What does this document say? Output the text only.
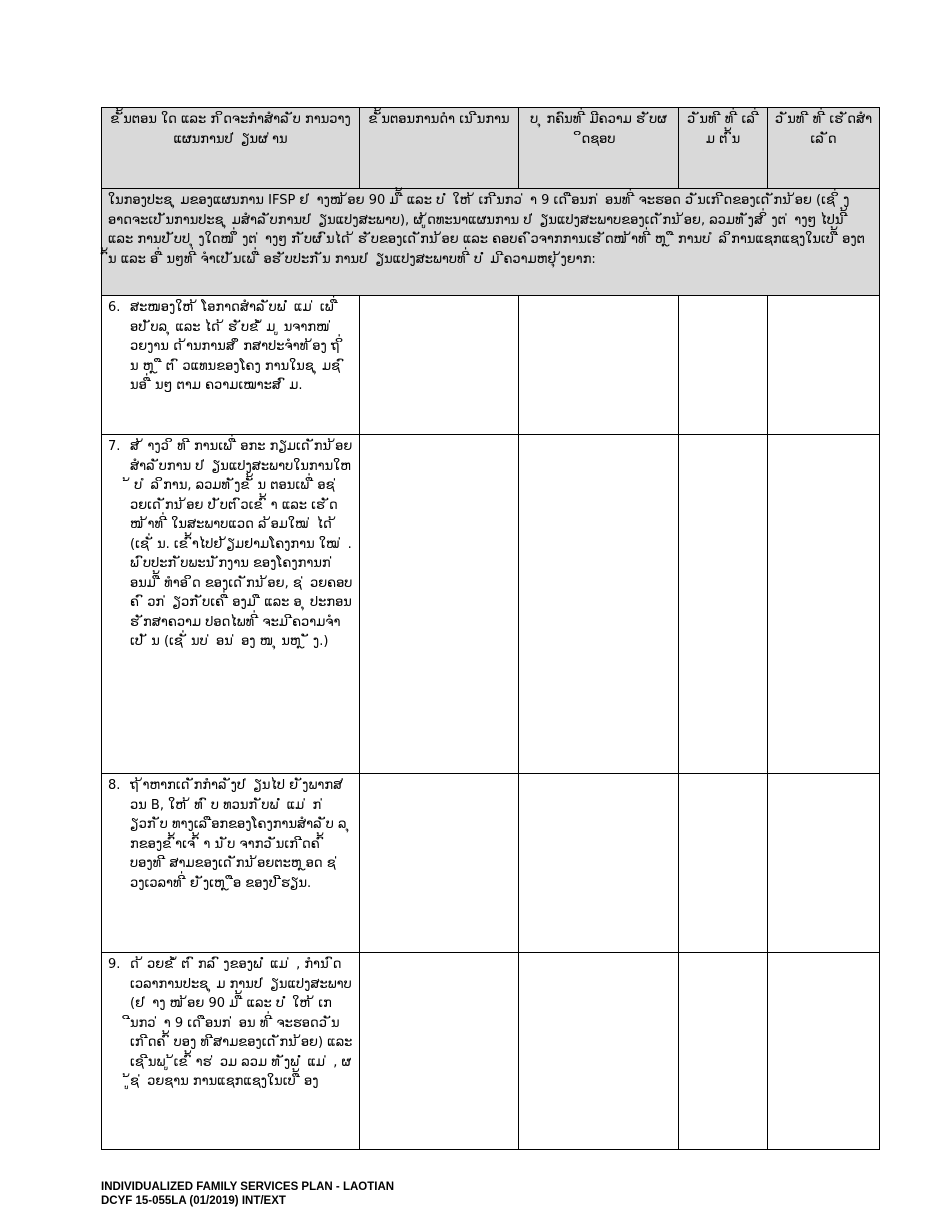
ຂ ັ້ນຕອນ ໃດ ແລະ ກ ິດຈະກໍາສໍາລ ັບ ການວາງແຜນການປ ່ ຽນຜ ່ານ	ຂ ັ້ນຕອນການດໍາ ເນ ີນການ	ບ ຸ ກຄົນທ ີ່ ມີຄວາມ ຮ ັບຜ ິດຊອບ	ວ ັນທ ີ ທ ີ່ ເລ ີ່ ມ ຕ ົ້ນ	ວ ັນທ ີ ທ ີ່ ເຮ ັດສໍາເລ ັດ
ໃນກອງປະຊ ຸ ມຂອງແຜນການ IFSP ຢ ່ າງໜ ້ອຍ 90 ມ ື້ ແລະ ບ ໍ່ ໃຫ ້ ເກ ີນກວ ່ າ 9 ເດ ືອນກ ່ ອນທ ີ່ ຈະຮອດ ວ ັນເກ ີດຂອງເດ ັກນ ້ອຍ (ເຊ ິ່ ງອາດຈະເປ ັນການປະຊ ຸ ມສໍາລ ັບການປ ່ ຽນແປງສະພາບ), ຜ ູ້ດທະນາແຜນການ ປ ່ ຽນແປງສະພາບຂອງເດ ັກນ ້ອຍ, ລວມທ ັງສ ິ່ ງຕ ່ າງໆ ໄປນ ີ້ ແລະ ການປ ັບປ ຸ ງໃດໜ ຶ່ ງຕ ່ າງໆ ກ ັບຜ ົນໄດ ້ ຮ ັບຂອງເດ ັກນ ້ອຍ ແລະ ຄອບຄ ົວຈາກການເຮ ັດໜ ້າທ ີ່ ຫ ຼ ື ການບ ໍ ລ ິການແຊກແຊງໃນເບ ື້ ອງຕ ົ້ນ ແລະ ອ ື່ ນໆທ ີ່ ຈໍາເປ ັນເພ ື່ ອຮ ັບປະກ ັນ ການປ ່ ຽນແປງສະພາບທ ີ່ ບ ໍ່ ມ ີຄວາມຫຍຸ ້ງຍາກ:				

6. ສະໜອງໃຫ ້ ໂອກາດສໍາລ ັບພ ໍ່ ແມ ່ ເພ ື່ ອປ ັບລ ຸ ແລະ ໄດ ້ ຮ ັບຂ ໍ້ ມ ູ ນຈາກໜ ່ ວຍງານ ດ ້ານການສ ຶ ກສາປະຈໍາທ ້ອງ ຖ ິ່ ນ ຫ ຼ ື ຕ ົ ວແທນຂອງໂຄງ ການໃນຊ ຸ ມຊ ົ ນອ ື່ ນໆ ຕາມ ຄວາມເໝາະສ ົ ມ.				

7. ສ ້ າງວ ິ ທ ີ ການເພ ື່ ອກະ ກຽມເດ ັກນ ້ອຍສໍາລ ັບການ ປ ່ ຽນແປງສະພາບໃນການໃຫ ້ ບ ໍ ລ ິການ, ລວມທ ັງຂ ັ້ ນ ຕອນເພ ື່ ອຊ ່ ວຍເດ ັກນ ້ອຍ ປ ັບຕ ົວເຂ ົ້ າ ແລະ ເຮ ັດ ໜ ້າທ ີ່ ໃນສະພາບແວດ ລ ້ອມໃໝ ່ ໄດ ້ (ເຊ ັ່ ນ. ເຂ ົ້າໄປຢ ້ຽມຢາມໂຄງການ ໃໝ ່ . ພ ົບປະກ ັບພະນ ັກງານ ຂອງໂຄງການກ ່ ອນມ ື້ ທໍາອ ິດ ຂອງເດ ັກນ ້ອຍ, ຊ ່ ວຍຄອບ ຄ ົ ວກ ່ ຽວກ ັບເຄ ື່ ອງມ ື ແລະ ອ ຸ ປະກອນຮ ັກສາຄວາມ ປອດໄພທ ີ່ ຈະມ ີຄວາມຈໍາ ເປ ັ ນ (ເຊ ັ່ ນບ ່ ອນ ່ ອງ ໜ ຸ ນຫ ຼ ັ ງ.)				

8. ຖ ້າຫາກເດ ັກກໍາລ ັງປ ່ ຽນໄປ ຍ ັງພາກສ ່ ວນ B, ໃຫ ້ ທ ົ ບ ທວນກ ັບພ ໍ່ ແມ ່ ກ ່ ຽວກ ັບ ທາງເລ ືອກຂອງໂຄງການສໍາລ ັບ ລ ຸ ກຂອງຂ ົ້າເຈ ົ້ າ ນ ັບ ຈາກວ ັນເກ ີດຄ ົ້ ບອງທ ີ ສາມຂອງເດ ັກນ ້ອຍຕະຫ ຼອດ ຊ ່ ວງເວລາທ ີ່ ຍ ັງເຫ ຼ ືອ ຂອງປ ີຮຽນ.				

9. ດ ້ ວຍຂ ໍ້ ຕ ົ ກລ ົ ງຂອງພ ໍ່ ແມ ່ , ກໍານ ົດເວລາການປະຊ ຸ ມ ການປ ່ ຽນແປງສະພາບ (ຢ ່ າງ ໜ ້ອຍ 90 ມ ື້ ແລະ ບ ໍ່ ໃຫ ້ ເກ ີນກວ ່ າ 9 ເດ ືອນກ ່ ອນ ທ ີ່ ຈະຮອດວ ັນເກ ີດຄ ົ້ ບອງ ທ ີສາມຂອງເດ ັກນ ້ອຍ) ແລະ ເຊ ີນພ ູ ້ເຂ ົ້ າຮ ່ ວມ ລວມ ທ ັງພ ໍ່ ແມ ່ , ຜ ູ້ຊ ່ ວຍຊານ ການແຊກແຊງໃນເບ ື້ ອງ				

INDIVIDUALIZED FAMILY SERVICES PLAN - LAOTIAN
DCYF 15-055LA (01/2019) INT/EXT
